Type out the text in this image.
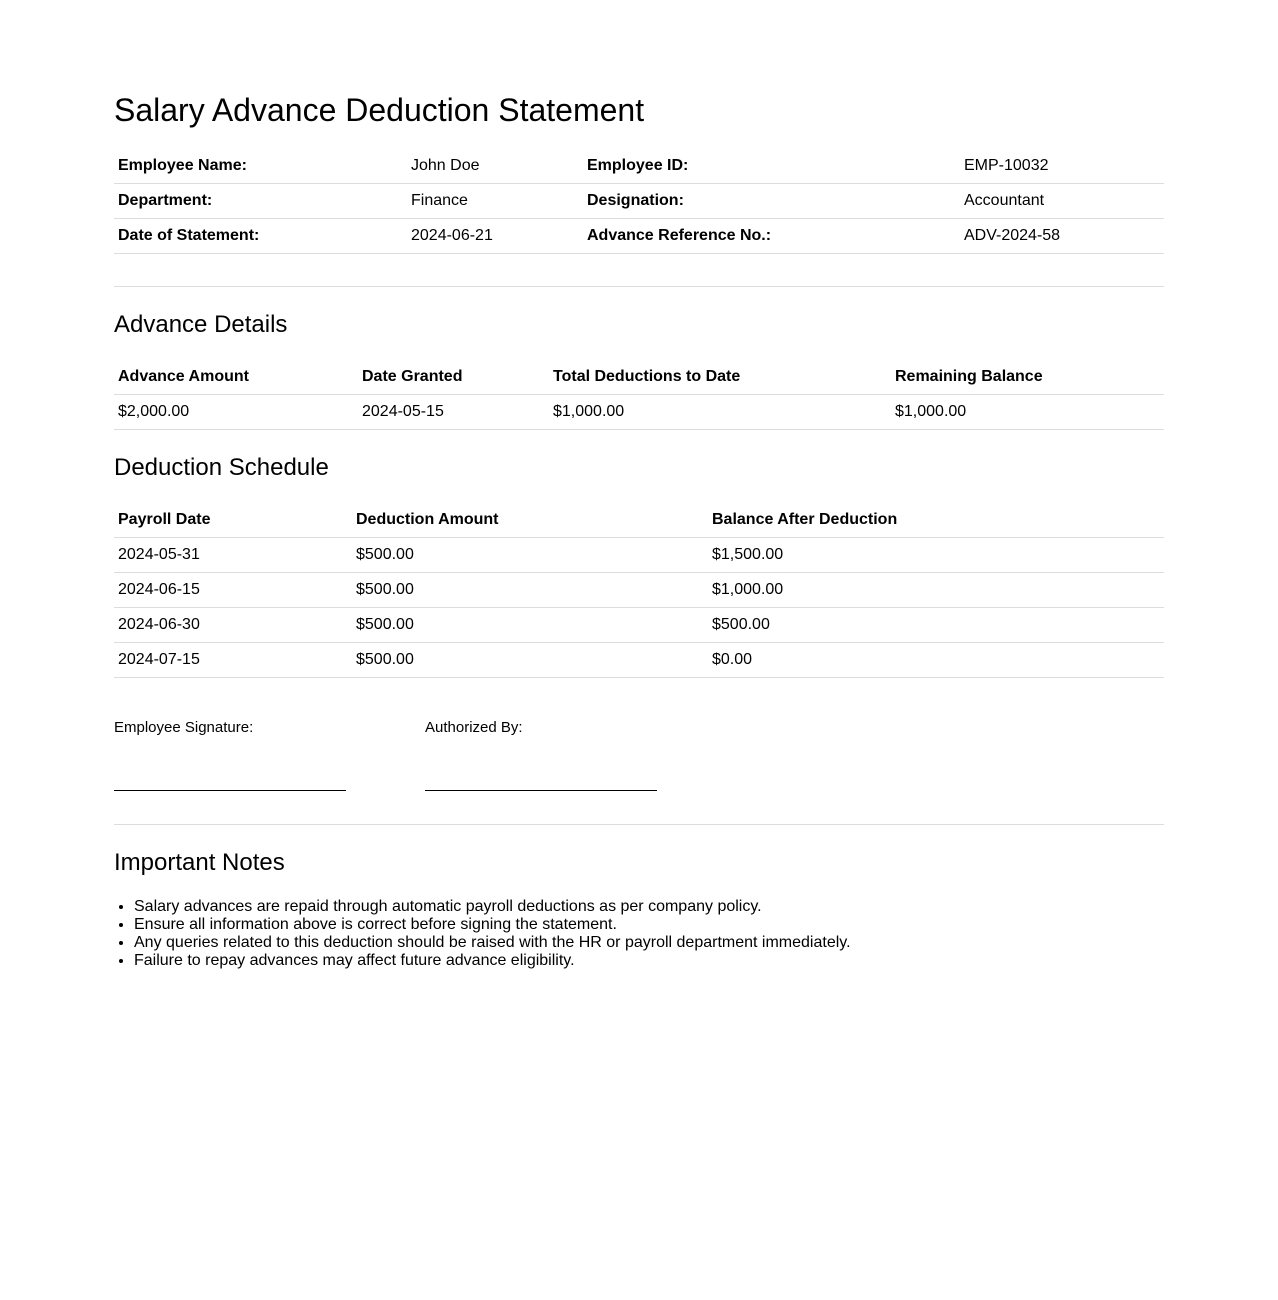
Salary Advance Deduction Statement
Employee Name:	John Doe	Employee ID:	EMP-10032
Department:	Finance	Designation:	Accountant
Date of Statement:	2024-06-21	Advance Reference No.:	ADV-2024-58
Advance Details
Advance Amount	Date Granted	Total Deductions to Date	Remaining Balance
$2,000.00	2024-05-15	$1,000.00	$1,000.00
Deduction Schedule
Payroll Date	Deduction Amount	Balance After Deduction
2024-05-31	$500.00	$1,500.00
2024-06-15	$500.00	$1,000.00
2024-06-30	$500.00	$500.00
2024-07-15	$500.00	$0.00
Employee Signature:	Authorized By:
Important Notes
• Salary advances are repaid through automatic payroll deductions as per company policy.
• Ensure all information above is correct before signing the statement.
• Any queries related to this deduction should be raised with the HR or payroll department immediately.
• Failure to repay advances may affect future advance eligibility.
